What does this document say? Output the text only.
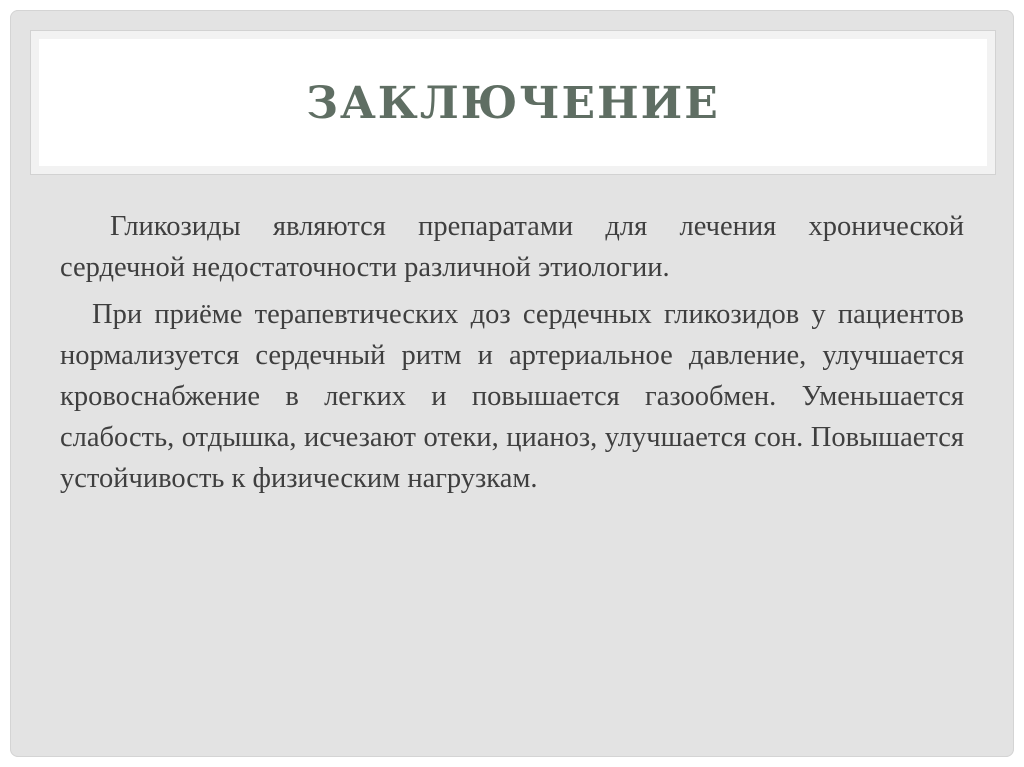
ЗАКЛЮЧЕНИЕ

Гликозиды являются препаратами для лечения хронической сердечной недостаточности различной этиологии.

При приёме терапевтических доз сердечных гликозидов у пациентов нормализуется сердечный ритм и артериальное давление, улучшается кровоснабжение в легких и повышается газообмен. Уменьшается слабость, отдышка, исчезают отеки, цианоз, улучшается сон. Повышается устойчивость к физическим нагрузкам.
